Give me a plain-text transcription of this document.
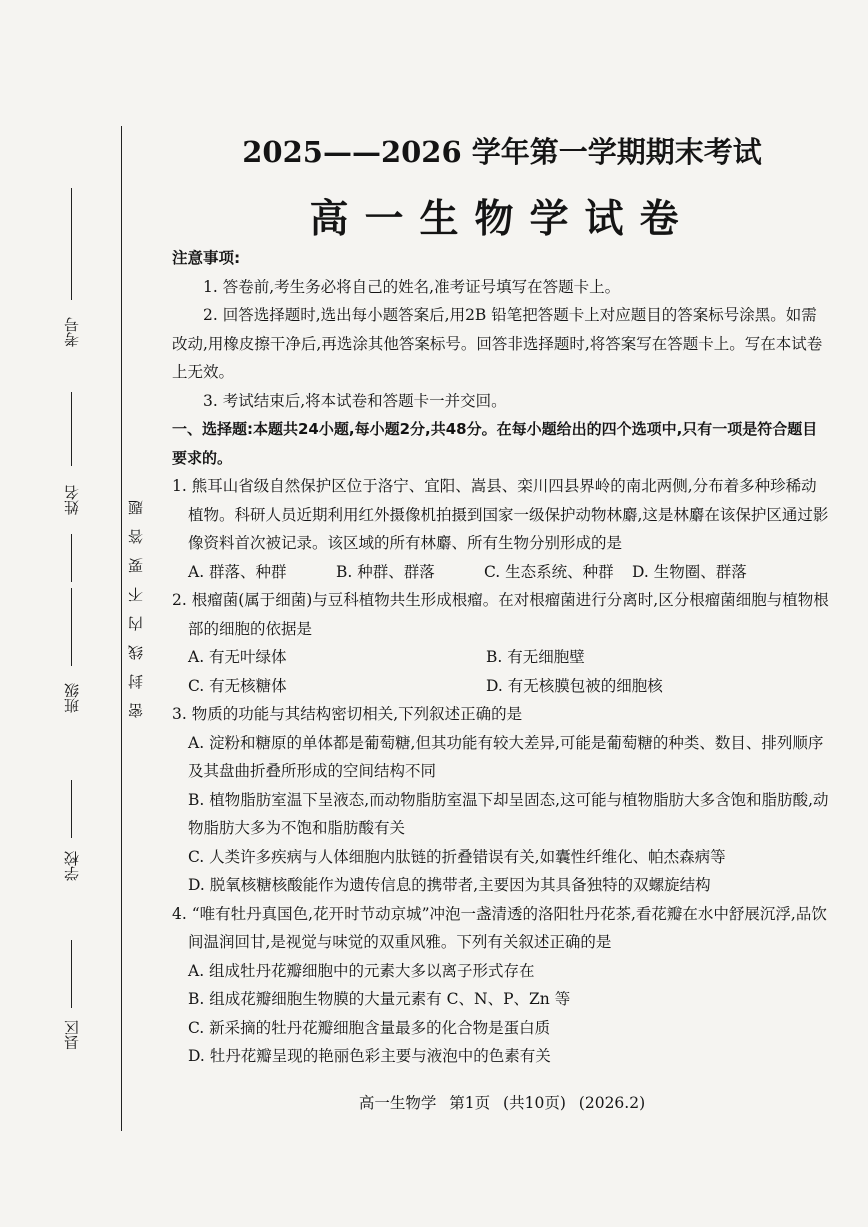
考号
姓名
班级
学校
县区
密封线内不要答题
2025——2026 学年第一学期期末考试
高一生物学试卷

注意事项:

1. 答卷前,考生务必将自己的姓名,准考证号填写在答题卡上。

2. 回答选择题时,选出每小题答案后,用2B 铅笔把答题卡上对应题目的答案标号涂黑。如需改动,用橡皮擦干净后,再选涂其他答案标号。回答非选择题时,将答案写在答题卡上。写在本试卷上无效。

3. 考试结束后,将本试卷和答题卡一并交回。

一、选择题:本题共24小题,每小题2分,共48分。在每小题给出的四个选项中,只有一项是符合题目要求的。

1. 熊耳山省级自然保护区位于洛宁、宜阳、嵩县、栾川四县界岭的南北两侧,分布着多种珍稀动植物。科研人员近期利用红外摄像机拍摄到国家一级保护动物林麝,这是林麝在该保护区通过影像资料首次被记录。该区域的所有林麝、所有生物分别形成的是

A. 群落、种群	B. 种群、群落	C. 生态系统、种群	D. 生物圈、群落

2. 根瘤菌(属于细菌)与豆科植物共生形成根瘤。在对根瘤菌进行分离时,区分根瘤菌细胞与植物根部的细胞的依据是

A. 有无叶绿体	B. 有无细胞壁
C. 有无核糖体	D. 有无核膜包被的细胞核

3. 物质的功能与其结构密切相关,下列叙述正确的是

A. 淀粉和糖原的单体都是葡萄糖,但其功能有较大差异,可能是葡萄糖的种类、数目、排列顺序及其盘曲折叠所形成的空间结构不同

B. 植物脂肪室温下呈液态,而动物脂肪室温下却呈固态,这可能与植物脂肪大多含饱和脂肪酸,动物脂肪大多为不饱和脂肪酸有关

C. 人类许多疾病与人体细胞内肽链的折叠错误有关,如囊性纤维化、帕杰森病等

D. 脱氧核糖核酸能作为遗传信息的携带者,主要因为其具备独特的双螺旋结构

4. “唯有牡丹真国色,花开时节动京城”冲泡一盏清透的洛阳牡丹花茶,看花瓣在水中舒展沉浮,品饮间温润回甘,是视觉与味觉的双重风雅。下列有关叙述正确的是

A. 组成牡丹花瓣细胞中的元素大多以离子形式存在

B. 组成花瓣细胞生物膜的大量元素有 C、N、P、Zn 等

C. 新采摘的牡丹花瓣细胞含量最多的化合物是蛋白质

D. 牡丹花瓣呈现的艳丽色彩主要与液泡中的色素有关

高一生物学 第1页 (共10页) (2026.2)
